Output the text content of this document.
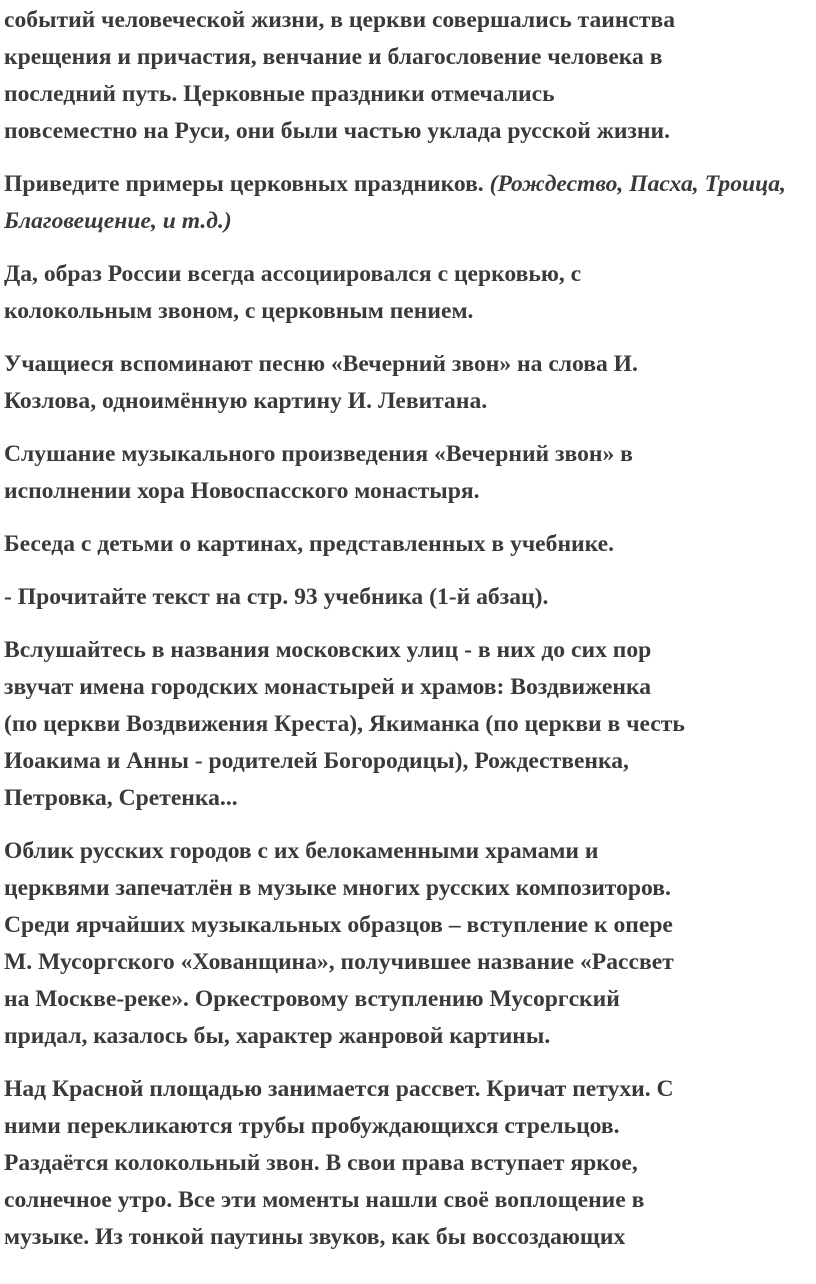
событий человеческой жизни, в церкви совершались таинства
крещения и причастия, венчание и благословение человека в
последний путь. Церковные праздники отмечались
повсеместно на Руси, они были частью уклада русской жизни.
Приведите примеры церковных праздников. (Рождество, Пасха, Троица, Благовещение, и т.д.)
Да, образ России всегда ассоциировался с церковью, с
колокольным звоном, с церковным пением.
Учащиеся вспоминают песню «Вечерний звон» на слова И.
Козлова, одноимённую картину И. Левитана.
Слушание музыкального произведения «Вечерний звон» в
исполнении хора Новоспасского монастыря.
Беседа с детьми о картинах, представленных в учебнике.
- Прочитайте текст на стр. 93 учебника (1-й абзац).
Вслушайтесь в названия московских улиц - в них до сих пор
звучат имена городских монастырей и храмов: Воздвиженка
(по церкви Воздвижения Креста), Якиманка (по церкви в честь
Иоакима и Анны - родителей Богородицы), Рождественка,
Петровка, Сретенка...
Облик русских городов с их белокаменными храмами и
церквями запечатлён в музыке многих русских композиторов.
Среди ярчайших музыкальных образцов – вступление к опере
М. Мусоргского «Хованщина», получившее название «Рассвет
на Москве-реке». Оркестровому вступлению Мусоргский
придал, казалось бы, характер жанровой картины.
Над Красной площадью занимается рассвет. Кричат петухи. С
ними перекликаются трубы пробуждающихся стрельцов.
Раздаётся колокольный звон. В свои права вступает яркое,
солнечное утро. Все эти моменты нашли своё воплощение в
музыке. Из тонкой паутины звуков, как бы воссоздающих
